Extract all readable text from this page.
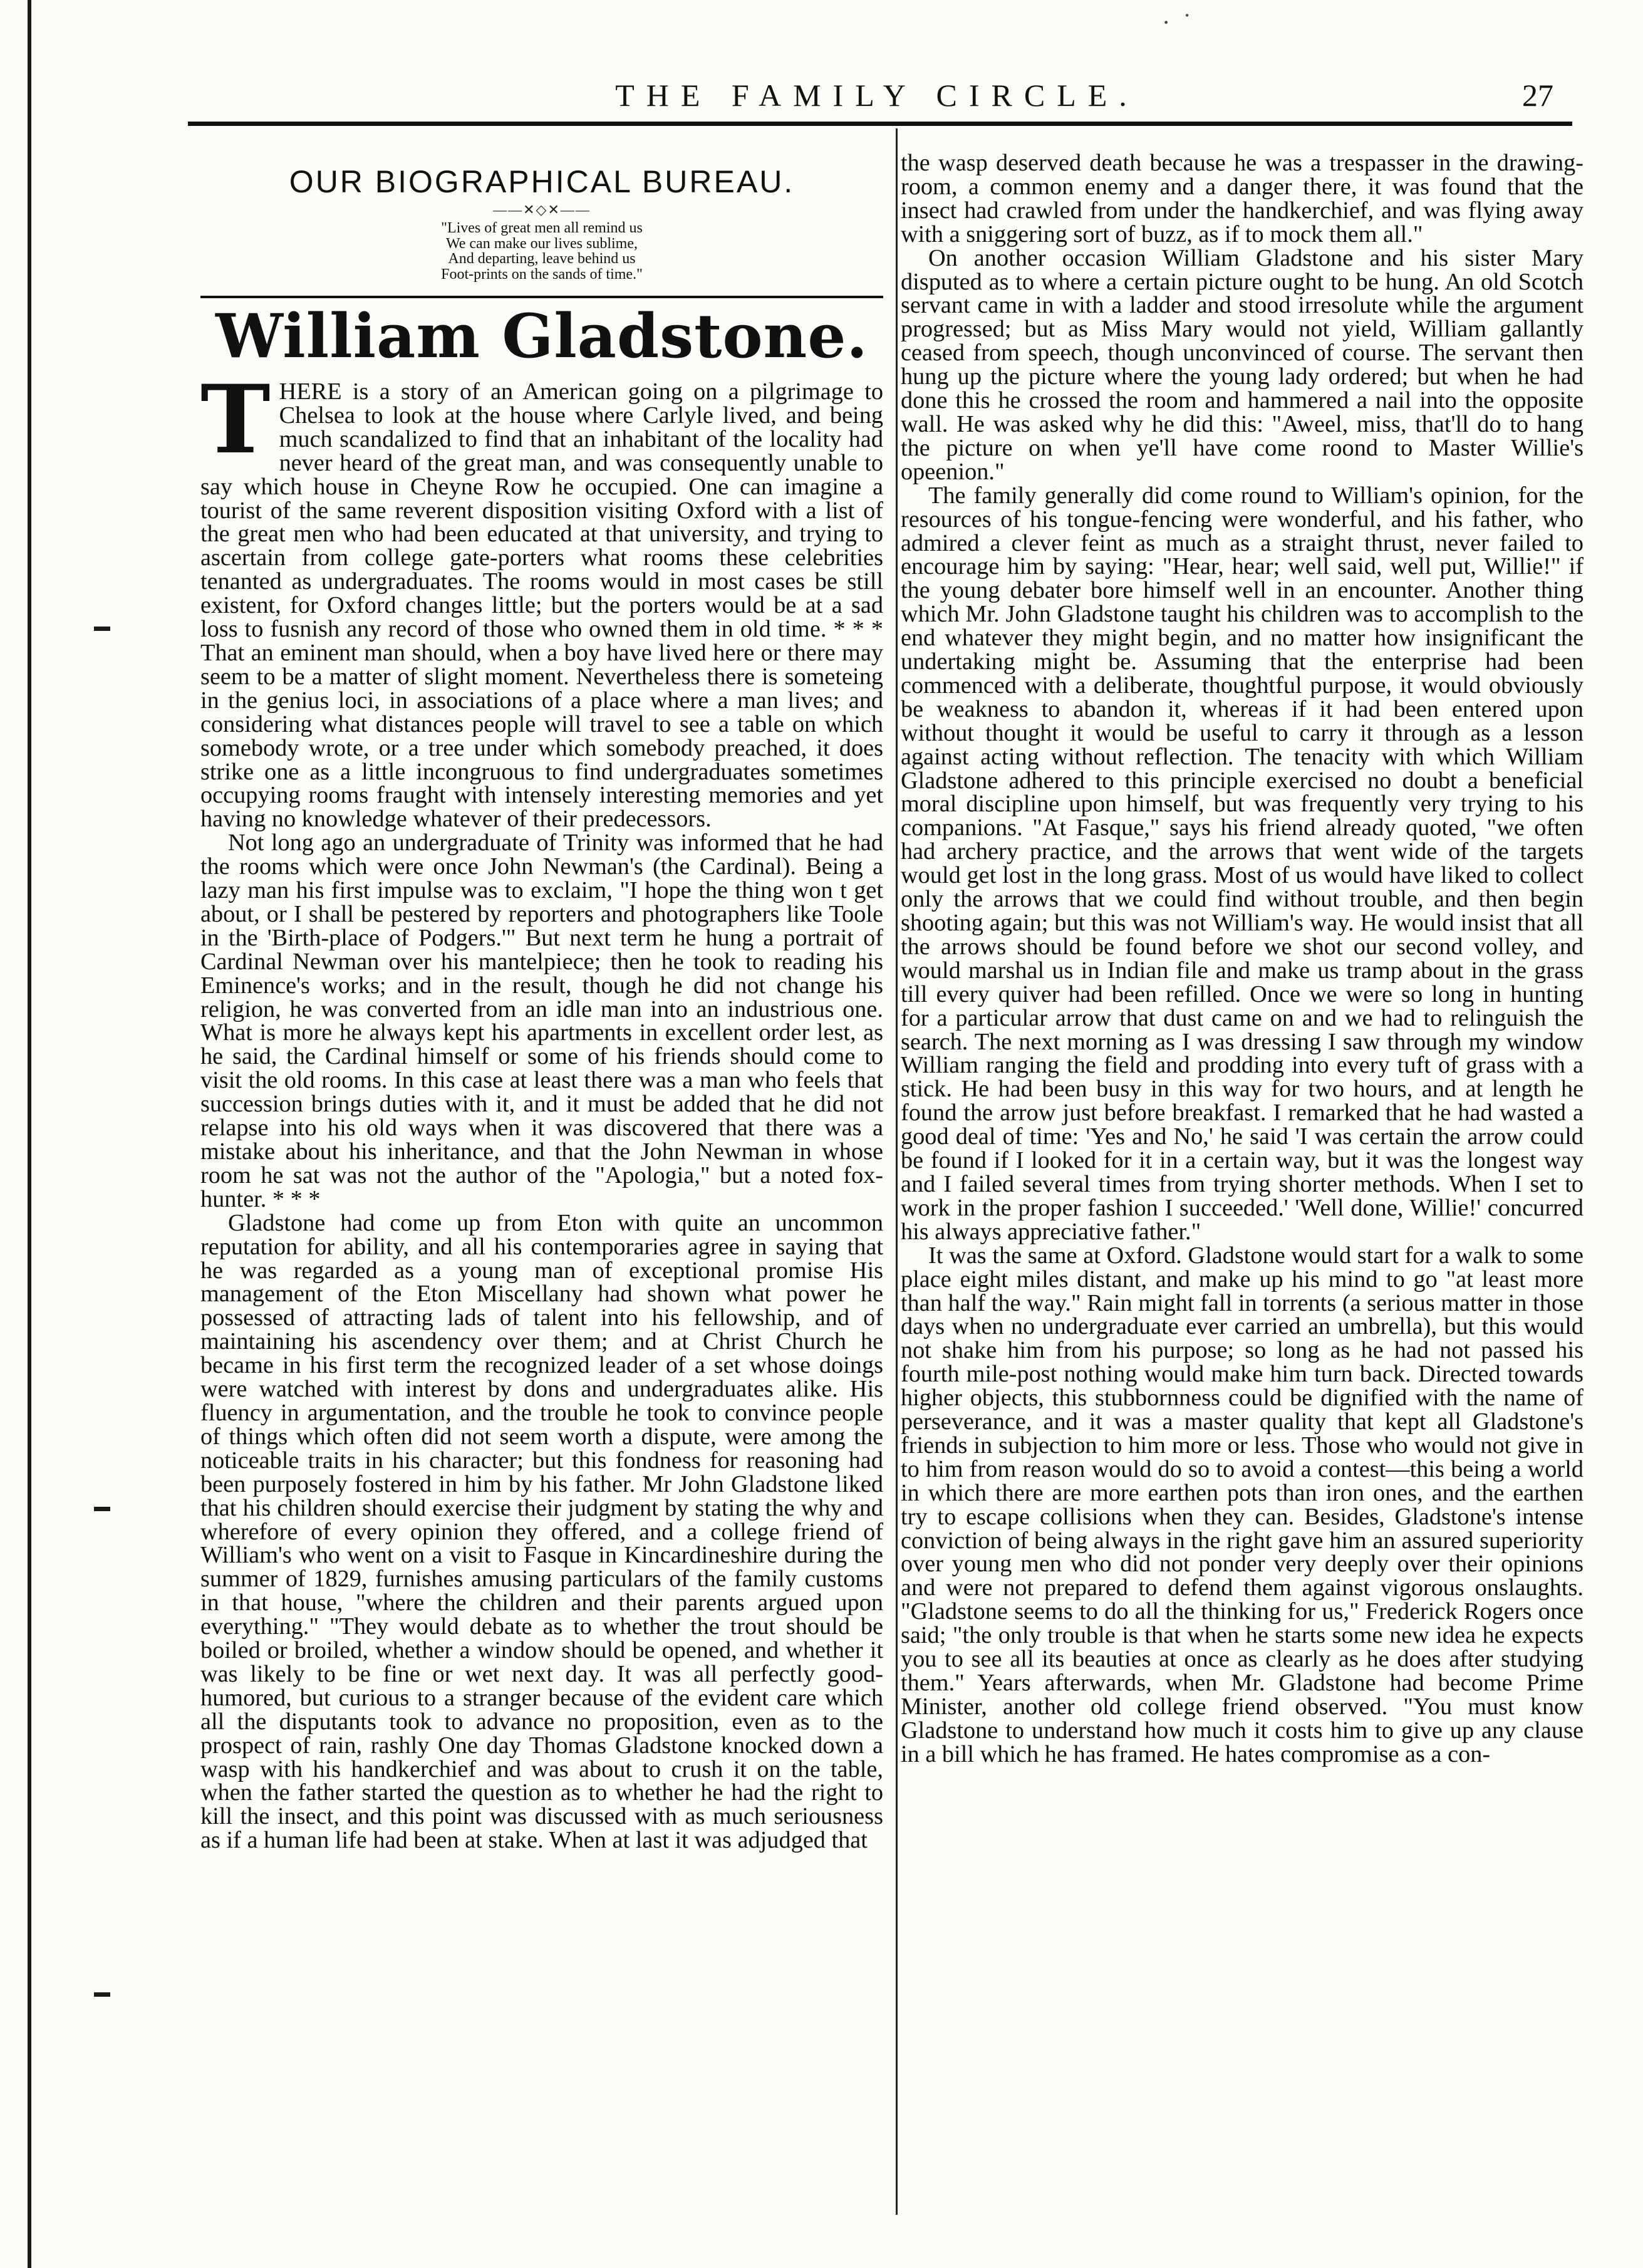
·  ˙
THE FAMILY CIRCLE.	27
OUR BIOGRAPHICAL BUREAU.
——✕◇✕——
"Lives of great men all remind us
We can make our lives sublime,
And departing, leave behind us
Foot-prints on the sands of time."
William Gladstone.

T HERE is a story of an American going on a pilgrimage to Chelsea to look at the house where Carlyle lived, and being much scandalized to find that an inhabitant of the locality had never heard of the great man, and was consequently unable to say which house in Cheyne Row he occupied. One can imagine a tourist of the same reverent disposition visiting Oxford with a list of the great men who had been educated at that university, and trying to ascertain from college gate-porters what rooms these celebrities tenanted as undergraduates. The rooms would in most cases be still existent, for Oxford changes little; but the porters would be at a sad loss to fusnish any record of those who owned them in old time. * * * That an eminent man should, when a boy have lived here or there may seem to be a matter of slight moment. Nevertheless there is someteing in the genius loci, in associations of a place where a man lives; and considering what distances people will travel to see a table on which somebody wrote, or a tree under which somebody preached, it does strike one as a little incongruous to find undergraduates sometimes occupying rooms fraught with intensely interesting memories and yet having no knowledge whatever of their predecessors.

Not long ago an undergraduate of Trinity was informed that he had the rooms which were once John Newman's (the Cardinal). Being a lazy man his first impulse was to exclaim, "I hope the thing won t get about, or I shall be pestered by reporters and photographers like Toole in the 'Birth-place of Podgers.'" But next term he hung a portrait of Cardinal Newman over his mantelpiece; then he took to reading his Eminence's works; and in the result, though he did not change his religion, he was converted from an idle man into an industrious one. What is more he always kept his apartments in excellent order lest, as he said, the Cardinal himself or some of his friends should come to visit the old rooms. In this case at least there was a man who feels that succession brings duties with it, and it must be added that he did not relapse into his old ways when it was discovered that there was a mistake about his inheritance, and that the John Newman in whose room he sat was not the author of the "Apologia," but a noted fox-hunter. * * *

Gladstone had come up from Eton with quite an uncommon reputation for ability, and all his contemporaries agree in saying that he was regarded as a young man of exceptional promise His management of the Eton Miscellany had shown what power he possessed of attracting lads of talent into his fellowship, and of maintaining his ascendency over them; and at Christ Church he became in his first term the recognized leader of a set whose doings were watched with interest by dons and undergraduates alike. His fluency in argumentation, and the trouble he took to convince people of things which often did not seem worth a dispute, were among the noticeable traits in his character; but this fondness for reasoning had been purposely fostered in him by his father. Mr John Gladstone liked that his children should exercise their judgment by stating the why and wherefore of every opinion they offered, and a college friend of William's who went on a visit to Fasque in Kincardineshire during the summer of 1829, furnishes amusing particulars of the family customs in that house, "where the children and their parents argued upon everything." "They would debate as to whether the trout should be boiled or broiled, whether a window should be opened, and whether it was likely to be fine or wet next day. It was all perfectly good-humored, but curious to a stranger because of the evident care which all the disputants took to advance no proposition, even as to the prospect of rain, rashly One day Thomas Gladstone knocked down a wasp with his handkerchief and was about to crush it on the table, when the father started the question as to whether he had the right to kill the insect, and this point was discussed with as much seriousness as if a human life had been at stake. When at last it was adjudged that

the wasp deserved death because he was a trespasser in the drawing-room, a common enemy and a danger there, it was found that the insect had crawled from under the handkerchief, and was flying away with a sniggering sort of buzz, as if to mock them all."

On another occasion William Gladstone and his sister Mary disputed as to where a certain picture ought to be hung. An old Scotch servant came in with a ladder and stood irresolute while the argument progressed; but as Miss Mary would not yield, William gallantly ceased from speech, though unconvinced of course. The servant then hung up the picture where the young lady ordered; but when he had done this he crossed the room and hammered a nail into the opposite wall. He was asked why he did this: "Aweel, miss, that'll do to hang the picture on when ye'll have come roond to Master Willie's opeenion."

The family generally did come round to William's opinion, for the resources of his tongue-fencing were wonderful, and his father, who admired a clever feint as much as a straight thrust, never failed to encourage him by saying: "Hear, hear; well said, well put, Willie!" if the young debater bore himself well in an encounter. Another thing which Mr. John Gladstone taught his children was to accomplish to the end whatever they might begin, and no matter how insignificant the undertaking might be. Assuming that the enterprise had been commenced with a deliberate, thoughtful purpose, it would obviously be weakness to abandon it, whereas if it had been entered upon without thought it would be useful to carry it through as a lesson against acting without reflection. The tenacity with which William Gladstone adhered to this principle exercised no doubt a beneficial moral discipline upon himself, but was frequently very trying to his companions. "At Fasque," says his friend already quoted, "we often had archery practice, and the arrows that went wide of the targets would get lost in the long grass. Most of us would have liked to collect only the arrows that we could find without trouble, and then begin shooting again; but this was not William's way. He would insist that all the arrows should be found before we shot our second volley, and would marshal us in Indian file and make us tramp about in the grass till every quiver had been refilled. Once we were so long in hunting for a particular arrow that dust came on and we had to relinguish the search. The next morning as I was dressing I saw through my window William ranging the field and prodding into every tuft of grass with a stick. He had been busy in this way for two hours, and at length he found the arrow just before breakfast. I remarked that he had wasted a good deal of time: 'Yes and No,' he said 'I was certain the arrow could be found if I looked for it in a certain way, but it was the longest way and I failed several times from trying shorter methods. When I set to work in the proper fashion I succeeded.' 'Well done, Willie!' concurred his always appreciative father."

It was the same at Oxford. Gladstone would start for a walk to some place eight miles distant, and make up his mind to go "at least more than half the way." Rain might fall in torrents (a serious matter in those days when no undergraduate ever carried an umbrella), but this would not shake him from his purpose; so long as he had not passed his fourth mile-post nothing would make him turn back. Directed towards higher objects, this stubbornness could be dignified with the name of perseverance, and it was a master quality that kept all Gladstone's friends in subjection to him more or less. Those who would not give in to him from reason would do so to avoid a contest—this being a world in which there are more earthen pots than iron ones, and the earthen try to escape collisions when they can. Besides, Gladstone's intense conviction of being always in the right gave him an assured superiority over young men who did not ponder very deeply over their opinions and were not prepared to defend them against vigorous onslaughts. "Gladstone seems to do all the thinking for us," Frederick Rogers once said; "the only trouble is that when he starts some new idea he expects you to see all its beauties at once as clearly as he does after studying them." Years afterwards, when Mr. Gladstone had become Prime Minister, another old college friend observed. "You must know Gladstone to understand how much it costs him to give up any clause in a bill which he has framed. He hates compromise as a con-
